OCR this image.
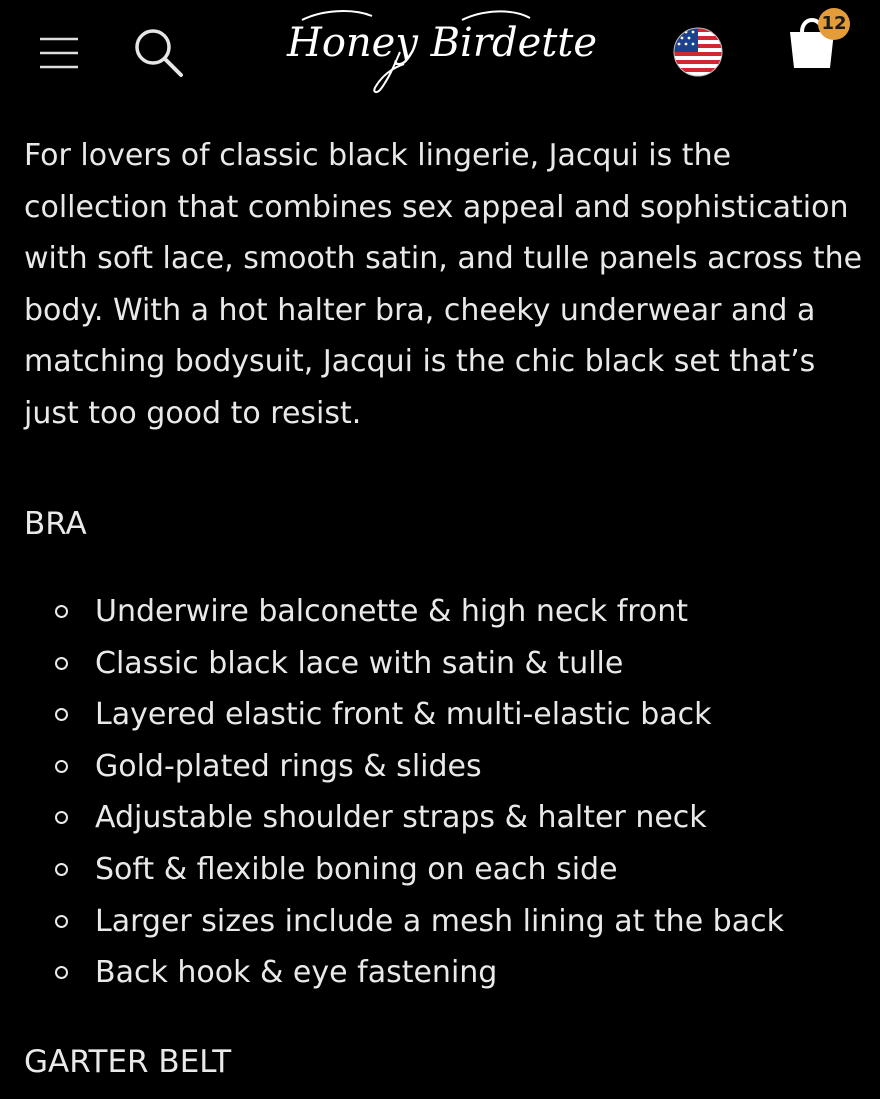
Honey Birdette	12

For lovers of classic black lingerie, Jacqui is the collection that combines sex appeal and sophistication with soft lace, smooth satin, and tulle panels across the body. With a hot halter bra, cheeky underwear and a matching bodysuit, Jacqui is the chic black set that’s just too good to resist.

BRA
Underwire balconette & high neck front
Classic black lace with satin & tulle
Layered elastic front & multi-elastic back
Gold-plated rings & slides
Adjustable shoulder straps & halter neck
Soft & flexible boning on each side
Larger sizes include a mesh lining at the back
Back hook & eye fastening
GARTER BELT
